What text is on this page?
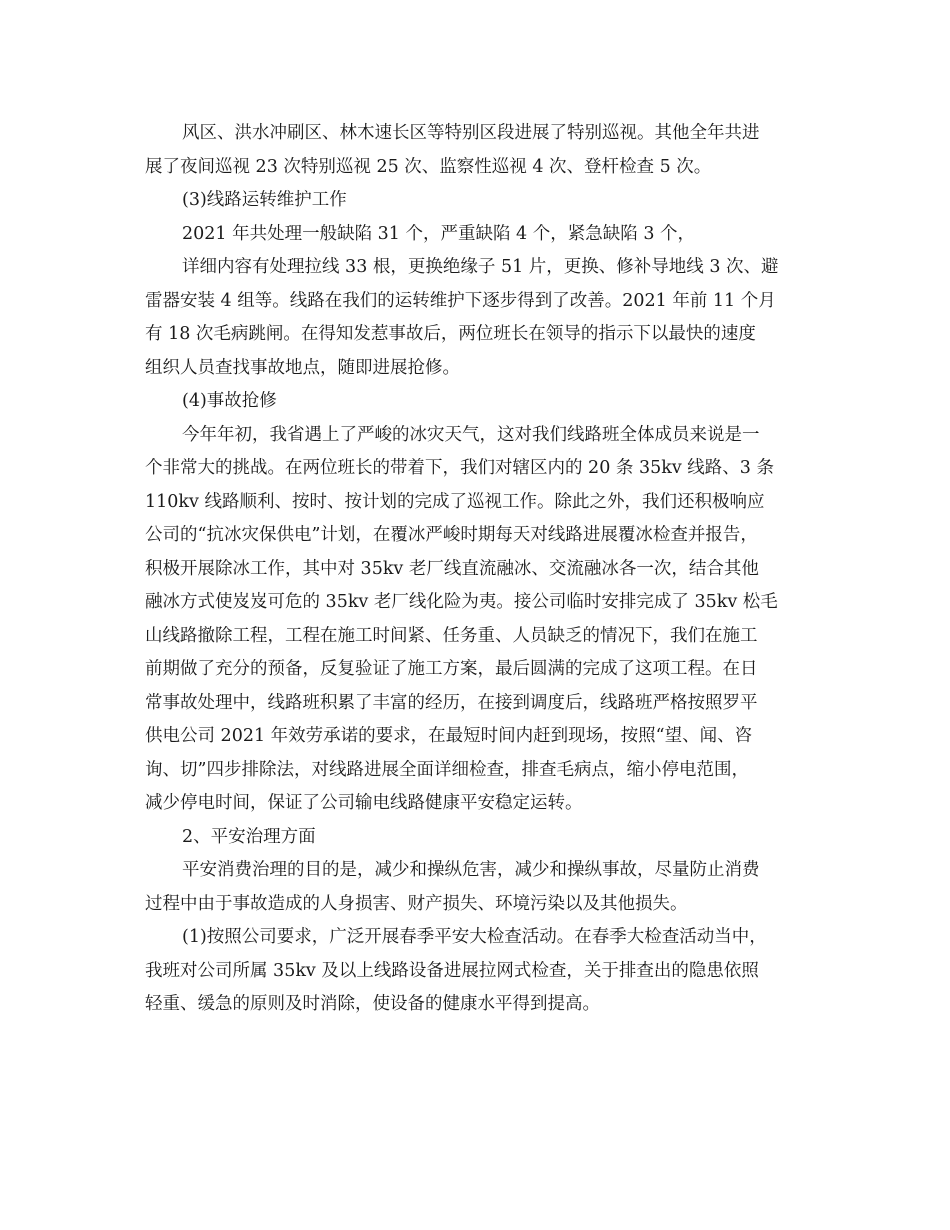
风区、洪水冲刷区、林木速长区等特别区段进展了特别巡视。其他全年共进
展了夜间巡视 23 次特别巡视 25 次、监察性巡视 4 次、登杆检查 5 次。

(3)线路运转维护工作

2021 年共处理一般缺陷 31 个，严重缺陷 4 个，紧急缺陷 3 个，

详细内容有处理拉线 33 根，更换绝缘子 51 片，更换、修补导地线 3 次、避
雷器安装 4 组等。线路在我们的运转维护下逐步得到了改善。2021 年前 11 个月
有 18 次毛病跳闸。在得知发惹事故后，两位班长在领导的指示下以最快的速度
组织人员查找事故地点，随即进展抢修。

(4)事故抢修

今年年初，我省遇上了严峻的冰灾天气，这对我们线路班全体成员来说是一
个非常大的挑战。在两位班长的带着下，我们对辖区内的 20 条 35kv 线路、3 条
110kv 线路顺利、按时、按计划的完成了巡视工作。除此之外，我们还积极响应
公司的“抗冰灾保供电”计划，在覆冰严峻时期每天对线路进展覆冰检查并报告，
积极开展除冰工作，其中对 35kv 老厂线直流融冰、交流融冰各一次，结合其他
融冰方式使岌岌可危的 35kv 老厂线化险为夷。接公司临时安排完成了 35kv 松毛
山线路撤除工程，工程在施工时间紧、任务重、人员缺乏的情况下，我们在施工
前期做了充分的预备，反复验证了施工方案，最后圆满的完成了这项工程。在日
常事故处理中，线路班积累了丰富的经历，在接到调度后，线路班严格按照罗平
供电公司 2021 年效劳承诺的要求，在最短时间内赶到现场，按照“望、闻、咨
询、切”四步排除法，对线路进展全面详细检查，排查毛病点，缩小停电范围，
减少停电时间，保证了公司输电线路健康平安稳定运转。

2、平安治理方面

平安消费治理的目的是，减少和操纵危害，减少和操纵事故，尽量防止消费
过程中由于事故造成的人身损害、财产损失、环境污染以及其他损失。

(1)按照公司要求，广泛开展春季平安大检查活动。在春季大检查活动当中，
我班对公司所属 35kv 及以上线路设备进展拉网式检查，关于排查出的隐患依照
轻重、缓急的原则及时消除，使设备的健康水平得到提高。
